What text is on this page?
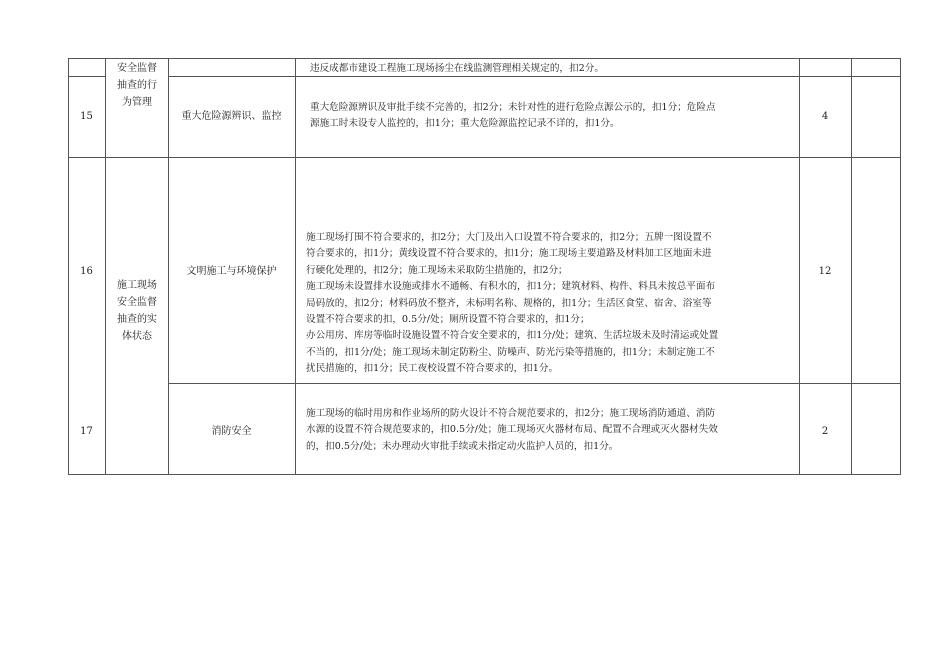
安全监督
抽查的行
为管理
违反成都市建设工程施工现场扬尘在线监测管理相关规定的，扣2分。
15	重大危险源辨识、监控
重大危险源辨识及审批手续不完善的，扣2分；未针对性的进行危险点源公示的，扣1分；危险点
源施工时未设专人监控的，扣1分；重大危险源监控记录不详的，扣1分。
4
16
施工现场
安全监督
抽查的实
体状态
文明施工与环境保护
施工现场打围不符合要求的，扣2分；大门及出入口设置不符合要求的，扣2分；五牌一图设置不
符合要求的，扣1分；黄线设置不符合要求的，扣1分；施工现场主要道路及材料加工区地面未进
行硬化处理的，扣2分；施工现场未采取防尘措施的，扣2分；
施工现场未设置排水设施或排水不通畅、有积水的，扣1分；建筑材料、构件、料具未按总平面布
局码放的，扣2分；材料码放不整齐，未标明名称、规格的，扣1分；生活区食堂、宿舍、浴室等
设置不符合要求的扣，0.5分/处；厕所设置不符合要求的，扣1分；
办公用房、库房等临时设施设置不符合安全要求的，扣1分/处；建筑、生活垃圾未及时清运或处置
不当的，扣1分/处；施工现场未制定防粉尘、防噪声、防光污染等措施的，扣1分；未制定施工不
扰民措施的，扣1分；民工夜校设置不符合要求的，扣1分。
12
17	消防安全
施工现场的临时用房和作业场所的防火设计不符合规范要求的，扣2分；施工现场消防通道、消防
水源的设置不符合规范要求的，扣0.5分/处；施工现场灭火器材布局、配置不合理或灭火器材失效
的，扣0.5分/处；未办理动火审批手续或未指定动火监护人员的，扣1分。
2
